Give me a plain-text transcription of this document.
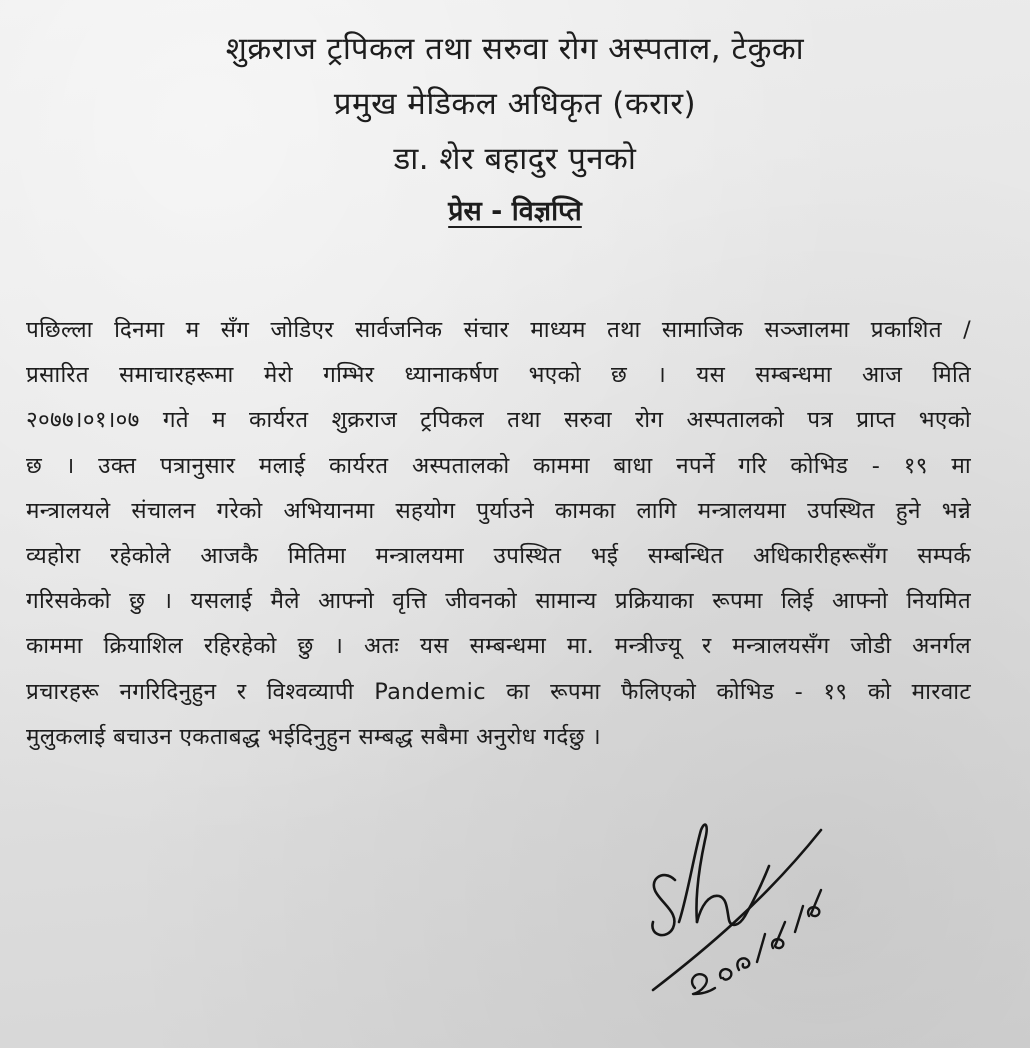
शुक्रराज ट्रपिकल तथा सरुवा रोग अस्पताल, टेकुका
प्रमुख मेडिकल अधिकृत (करार)
डा. शेर बहादुर पुनको
प्रेस - विज्ञप्ति
पछिल्ला दिनमा म सँग जोडिएर सार्वजनिक संचार माध्यम तथा सामाजिक सञ्जालमा प्रकाशित /
प्रसारित समाचारहरूमा मेरो गम्भिर ध्यानाकर्षण भएको छ । यस सम्बन्धमा आज मिति
२०७७।०१।०७ गते म कार्यरत शुक्रराज ट्रपिकल तथा सरुवा रोग अस्पतालको पत्र प्राप्त भएको
छ । उक्त पत्रानुसार मलाई कार्यरत अस्पतालको काममा बाधा नपर्ने गरि कोभिड - १९ मा
मन्त्रालयले संचालन गरेको अभियानमा सहयोग पुर्याउने कामका लागि मन्त्रालयमा उपस्थित हुने भन्ने
व्यहोरा रहेकोले आजकै मितिमा मन्त्रालयमा उपस्थित भई सम्बन्धित अधिकारीहरूसँग सम्पर्क
गरिसकेको छु । यसलाई मैले आफ्नो वृत्ति जीवनको सामान्य प्रक्रियाका रूपमा लिई आफ्नो नियमित
काममा क्रियाशिल रहिरहेको छु । अतः यस सम्बन्धमा मा. मन्त्रीज्यू र मन्त्रालयसँग जोडी अनर्गल
प्रचारहरू नगरिदिनुहुन र विश्वव्यापी Pandemic का रूपमा फैलिएको कोभिड - १९ को मारवाट
मुलुकलाई बचाउन एकताबद्ध भईदिनुहुन सम्बद्ध सबैमा अनुरोध गर्दछु ।
